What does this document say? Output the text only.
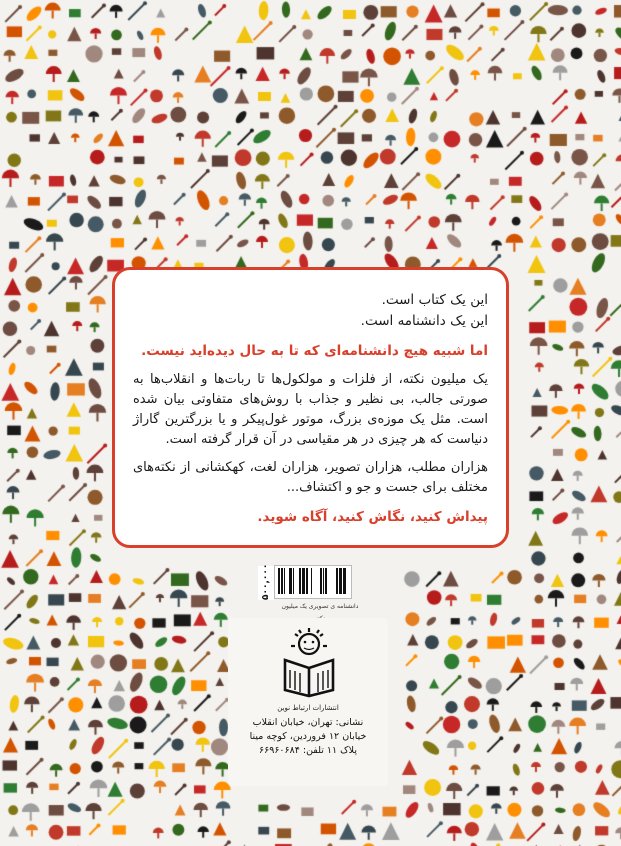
این یک کتاب است.

این یک دانشنامه است.

اما شبیه هیچ دانشنامه‌ای که تا به حال دیده‌اید نیست.

یک میلیون نکته، از فلزات و مولکول‌ها تا ربات‌ها و انقلاب‌ها به صورتی جالب، بی نظیر و جذاب با روش‌های متفاوتی بیان شده است. مثل یک موزه‌ی بزرگ، موتور غول‌پیکر و یا بزرگترین گاراژ دنیاست که هر چیزی در هر مقیاسی در آن قرار گرفته است.

هزاران مطلب، هزاران تصویر، هزاران لغت، کهکشانی از نکته‌های مختلف برای جست و جو و اکتشاف...

پیداش کنید، نگاش کنید، آگاه شوید.

۵۰۰,۰۰۰
دانشنامه ی تصویری یک میلیون
انتشارات ارتباط نوین
نشانی: تهران، خیابان انقلاب
خیابان ۱۲ فروردین، کوچه مینا
پلاک ۱۱ تلفن: ۶۶۹۶۰۶۸۴
